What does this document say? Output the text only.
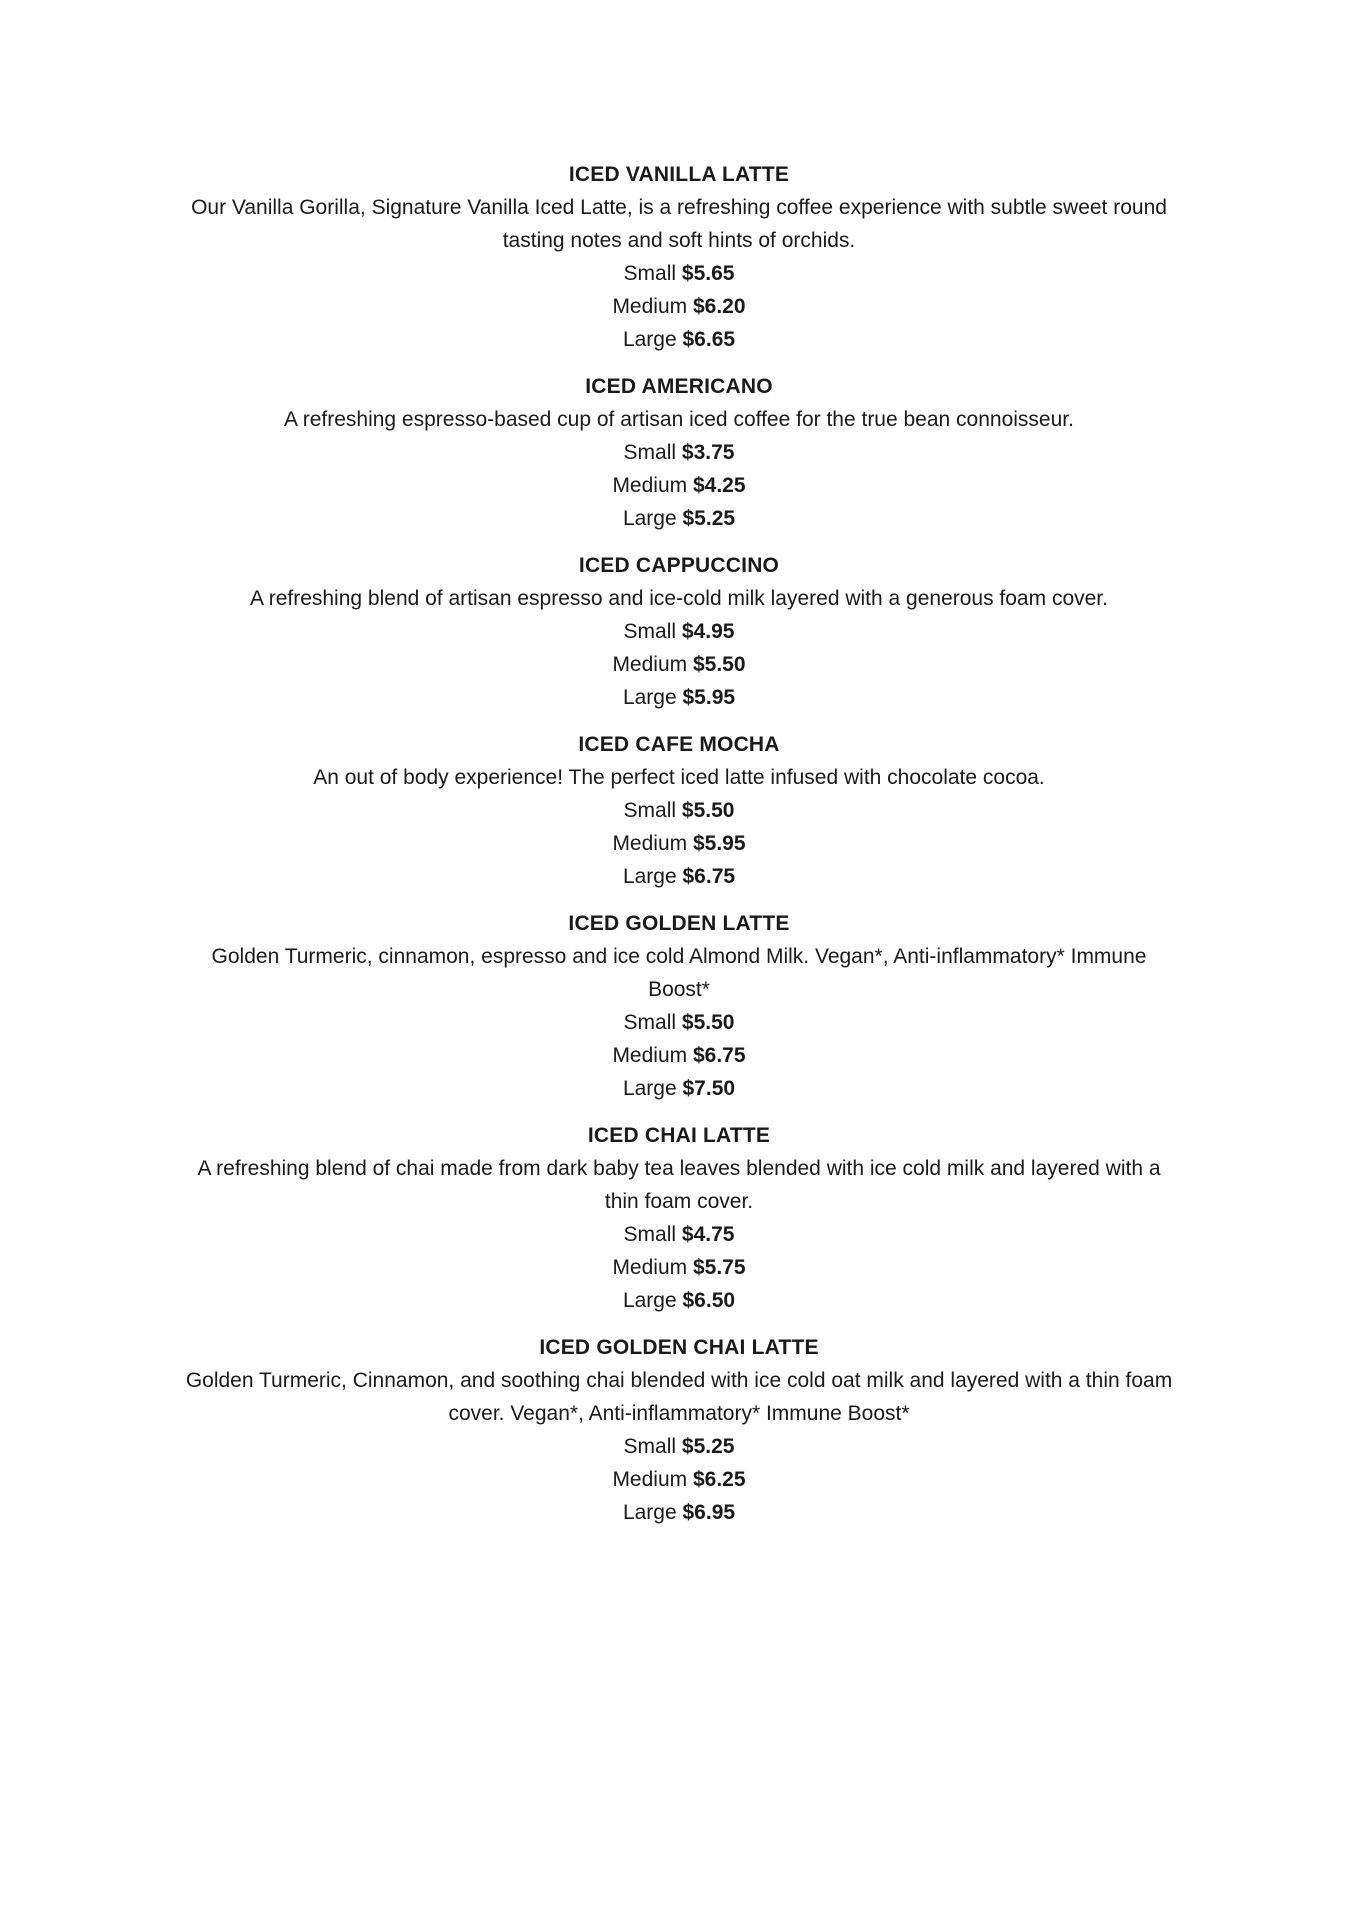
ICED VANILLA LATTE

Our Vanilla Gorilla, Signature Vanilla Iced Latte, is a refreshing coffee experience with subtle sweet round tasting notes and soft hints of orchids.

Small $5.65

Medium $6.20

Large $6.65

ICED AMERICANO

A refreshing espresso-based cup of artisan iced coffee for the true bean connoisseur.

Small $3.75

Medium $4.25

Large $5.25

ICED CAPPUCCINO

A refreshing blend of artisan espresso and ice-cold milk layered with a generous foam cover.

Small $4.95

Medium $5.50

Large $5.95

ICED CAFE MOCHA

An out of body experience! The perfect iced latte infused with chocolate cocoa.

Small $5.50

Medium $5.95

Large $6.75

ICED GOLDEN LATTE

Golden Turmeric, cinnamon, espresso and ice cold Almond Milk. Vegan*, Anti-inflammatory* Immune Boost*

Small $5.50

Medium $6.75

Large $7.50

ICED CHAI LATTE

A refreshing blend of chai made from dark baby tea leaves blended with ice cold milk and layered with a thin foam cover.

Small $4.75

Medium $5.75

Large $6.50

ICED GOLDEN CHAI LATTE

Golden Turmeric, Cinnamon, and soothing chai blended with ice cold oat milk and layered with a thin foam cover. Vegan*, Anti-inflammatory* Immune Boost*

Small $5.25

Medium $6.25

Large $6.95
